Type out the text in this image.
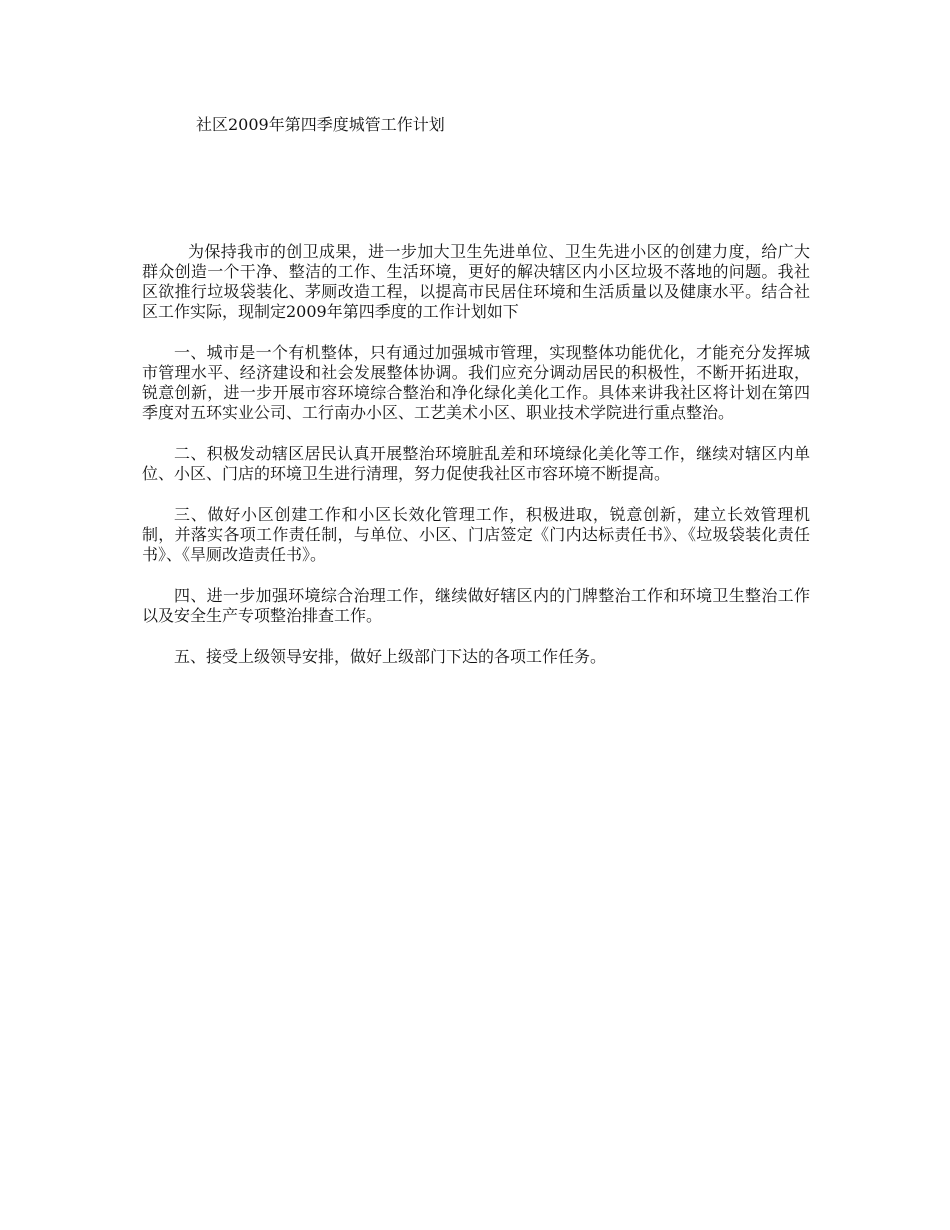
社区2009年第四季度城管工作计划

为保持我市的创卫成果，进一步加大卫生先进单位、卫生先进小区的创建力度，给广大群众创造一个干净、整洁的工作、生活环境，更好的解决辖区内小区垃圾不落地的问题。我社区欲推行垃圾袋装化、茅厕改造工程，以提高市民居住环境和生活质量以及健康水平。结合社区工作实际，现制定2009年第四季度的工作计划如下

一、城市是一个有机整体，只有通过加强城市管理，实现整体功能优化，才能充分发挥城市管理水平、经济建设和社会发展整体协调。我们应充分调动居民的积极性，不断开拓进取，锐意创新，进一步开展市容环境综合整治和净化绿化美化工作。具体来讲我社区将计划在第四季度对五环实业公司、工行南办小区、工艺美术小区、职业技术学院进行重点整治。

二、积极发动辖区居民认真开展整治环境脏乱差和环境绿化美化等工作，继续对辖区内单位、小区、门店的环境卫生进行清理，努力促使我社区市容环境不断提高。

三、做好小区创建工作和小区长效化管理工作，积极进取，锐意创新，建立长效管理机制，并落实各项工作责任制，与单位、小区、门店签定《门内达标责任书》、《垃圾袋装化责任书》、《旱厕改造责任书》。

四、进一步加强环境综合治理工作，继续做好辖区内的门牌整治工作和环境卫生整治工作以及安全生产专项整治排查工作。

五、接受上级领导安排，做好上级部门下达的各项工作任务。
